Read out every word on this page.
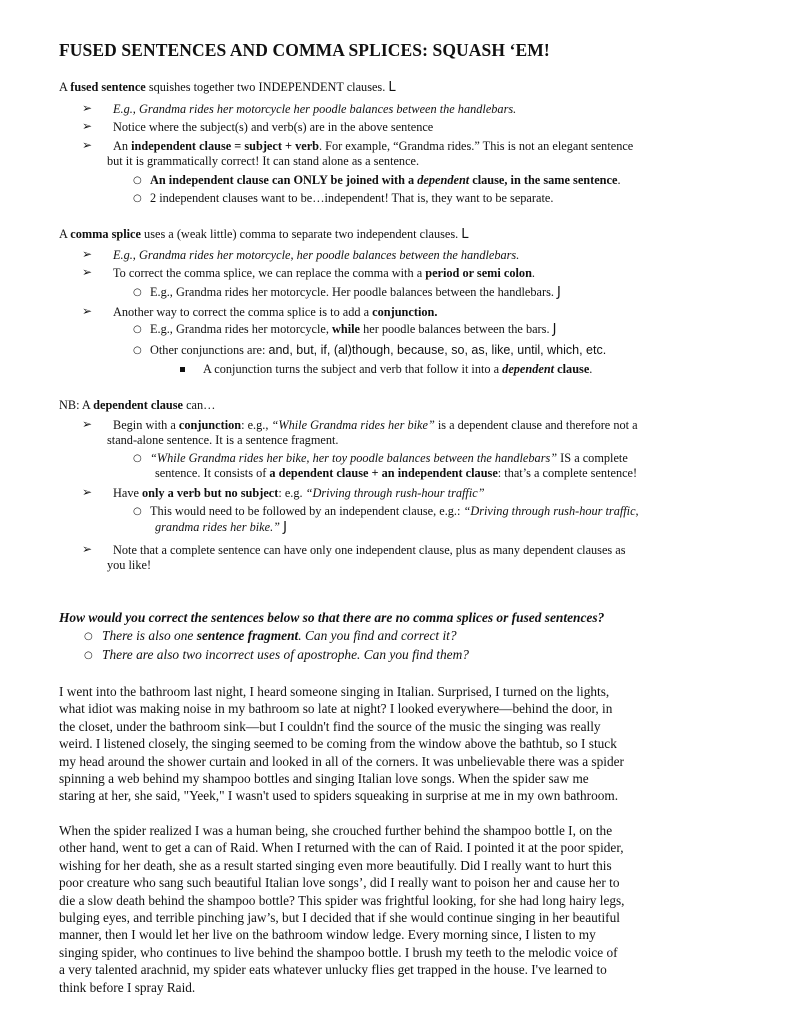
FUSED SENTENCES AND COMMA SPLICES: SQUASH ‘EM!
A fused sentence squishes together two INDEPENDENT clauses. L
➢ E.g., Grandma rides her motorcycle her poodle balances between the handlebars.
➢ Notice where the subject(s) and verb(s) are in the above sentence
➢ An independent clause = subject + verb. For example, “Grandma rides.” This is not an elegant sentence
but it is grammatically correct! It can stand alone as a sentence.
○ An independent clause can ONLY be joined with a dependent clause, in the same sentence.
○ 2 independent clauses want to be…independent! That is, they want to be separate.
A comma splice uses a (weak little) comma to separate two independent clauses. L
➢ E.g., Grandma rides her motorcycle, her poodle balances between the handlebars.
➢ To correct the comma splice, we can replace the comma with a period or semi colon.
○ E.g., Grandma rides her motorcycle. Her poodle balances between the handlebars. J
➢ Another way to correct the comma splice is to add a conjunction.
○ E.g., Grandma rides her motorcycle, while her poodle balances between the bars. J
○ Other conjunctions are: and, but, if, (al)though, because, so, as, like, until, which, etc.
A conjunction turns the subject and verb that follow it into a dependent clause.
NB: A dependent clause can…
➢ Begin with a conjunction: e.g., “While Grandma rides her bike” is a dependent clause and therefore not a
stand-alone sentence. It is a sentence fragment.
○ “While Grandma rides her bike, her toy poodle balances between the handlebars” IS a complete
sentence. It consists of a dependent clause + an independent clause: that’s a complete sentence!
➢ Have only a verb but no subject: e.g. “Driving through rush-hour traffic”
○ This would need to be followed by an independent clause, e.g.: “Driving through rush-hour traffic,
grandma rides her bike.” J
➢ Note that a complete sentence can have only one independent clause, plus as many dependent clauses as
you like!
How would you correct the sentences below so that there are no comma splices or fused sentences?
○ There is also one sentence fragment. Can you find and correct it?
○ There are also two incorrect uses of apostrophe. Can you find them?
I went into the bathroom last night, I heard someone singing in Italian. Surprised, I turned on the lights,
what idiot was making noise in my bathroom so late at night? I looked everywhere—behind the door, in
the closet, under the bathroom sink—but I couldn't find the source of the music the singing was really
weird. I listened closely, the singing seemed to be coming from the window above the bathtub, so I stuck
my head around the shower curtain and looked in all of the corners. It was unbelievable there was a spider
spinning a web behind my shampoo bottles and singing Italian love songs. When the spider saw me
staring at her, she said, "Yeek," I wasn't used to spiders squeaking in surprise at me in my own bathroom.
When the spider realized I was a human being, she crouched further behind the shampoo bottle I, on the
other hand, went to get a can of Raid. When I returned with the can of Raid. I pointed it at the poor spider,
wishing for her death, she as a result started singing even more beautifully. Did I really want to hurt this
poor creature who sang such beautiful Italian love songs’, did I really want to poison her and cause her to
die a slow death behind the shampoo bottle? This spider was frightful looking, for she had long hairy legs,
bulging eyes, and terrible pinching jaw’s, but I decided that if she would continue singing in her beautiful
manner, then I would let her live on the bathroom window ledge. Every morning since, I listen to my
singing spider, who continues to live behind the shampoo bottle. I brush my teeth to the melodic voice of
a very talented arachnid, my spider eats whatever unlucky flies get trapped in the house. I've learned to
think before I spray Raid.
